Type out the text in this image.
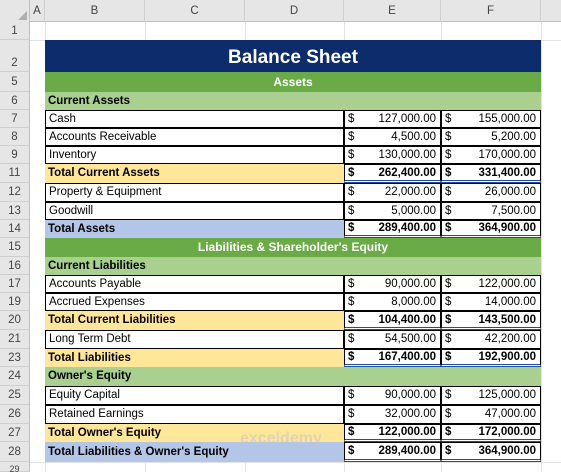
A	B	C	D	E	F
1
2
5
6
7
8
9
11
12
13
14
15
16
17
19
20
21
23
24
25
26
27
28
29
Balance Sheet
Assets
Current Assets
Cash	$ 127,000.00 $ 155,000.00
Accounts Receivable	$	4,500.00 $	5,200.00
Inventory	$ 130,000.00 $ 170,000.00
Total Current Assets	$ 262,400.00 $ 331,400.00
Property & Equipment	$	22,000.00 $	26,000.00
Goodwill	$	5,000.00 $	7,500.00
Total Assets	$ 289,400.00 $ 364,900.00
Liabilities & Shareholder's Equity
Current Liabilities
Accounts Payable	$	90,000.00 $ 122,000.00
Accrued Expenses	$	8,000.00 $	14,000.00
Total Current Liabilities	$ 104,400.00 $ 143,500.00
Long Term Debt	$	54,500.00 $	42,200.00
Total Liabilities	$ 167,400.00 $ 192,900.00
Owner's Equity
Equity Capital	$	90,000.00 $ 125,000.00
Retained Earnings	$	32,000.00 $	47,000.00
Total Owner's Equity	$ 122,000.00 $ 172,000.00
Total Liabilities & Owner's Equity	$ 289,400.00 $ 364,900.00
exceldemy
